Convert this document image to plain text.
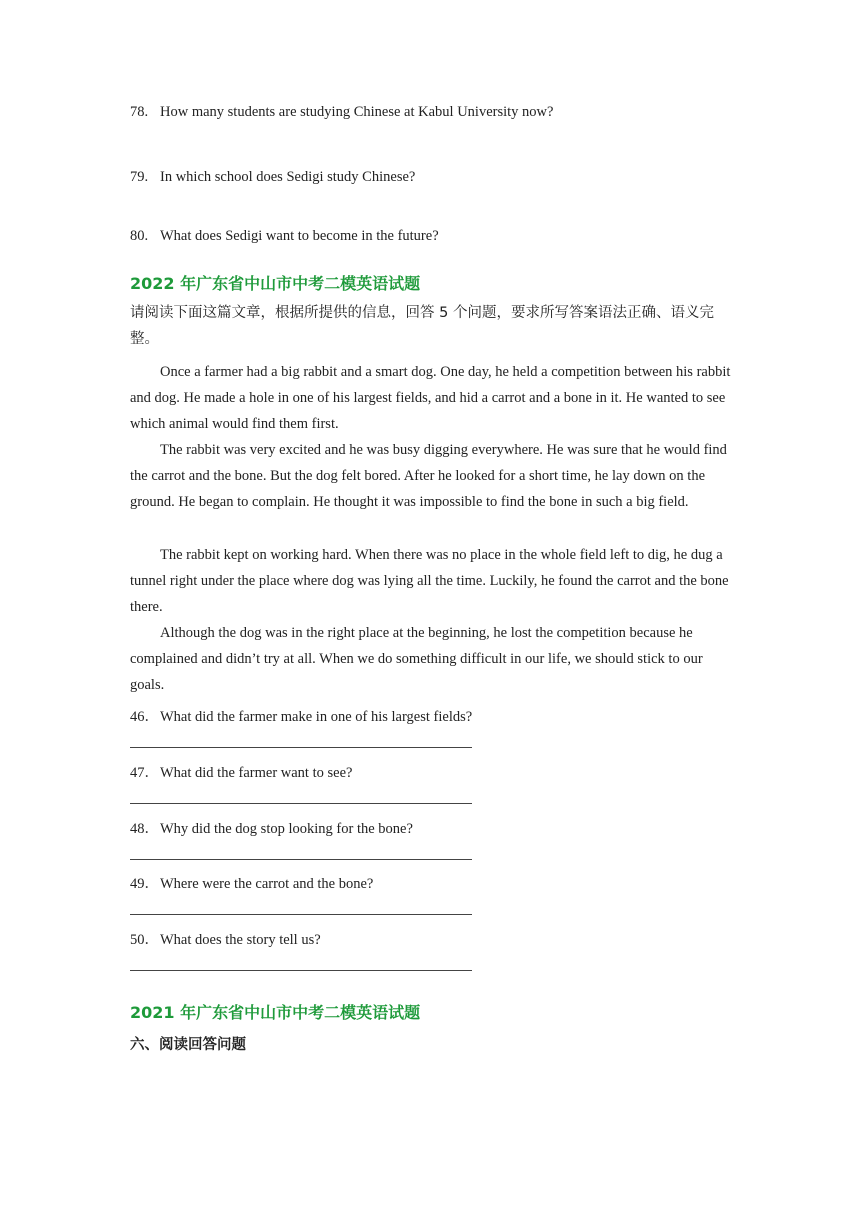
78. How many students are studying Chinese at Kabul University now?
79. In which school does Sedigi study Chinese?
80. What does Sedigi want to become in the future?
2022 年广东省中山市中考二模英语试题
请阅读下面这篇文章，根据所提供的信息，回答 5 个问题，要求所写答案语法正确、语义完整。
Once a farmer had a big rabbit and a smart dog. One day, he held a competition between his rabbit and dog. He made a hole in one of his largest fields, and hid a carrot and a bone in it. He wanted to see which animal would find them first.
The rabbit was very excited and he was busy digging everywhere. He was sure that he would find the carrot and the bone. But the dog felt bored. After he looked for a short time, he lay down on the ground. He began to complain. He thought it was impossible to find the bone in such a big field.
The rabbit kept on working hard. When there was no place in the whole field left to dig, he dug a tunnel right under the place where dog was lying all the time. Luckily, he found the carrot and the bone there.
Although the dog was in the right place at the beginning, he lost the competition because he complained and didn’t try at all. When we do something difficult in our life, we should stick to our goals.
46．What did the farmer make in one of his largest fields?
47．What did the farmer want to see?
48．Why did the dog stop looking for the bone?
49．Where were the carrot and the bone?
50．What does the story tell us?
2021 年广东省中山市中考二模英语试题
六、阅读回答问题
